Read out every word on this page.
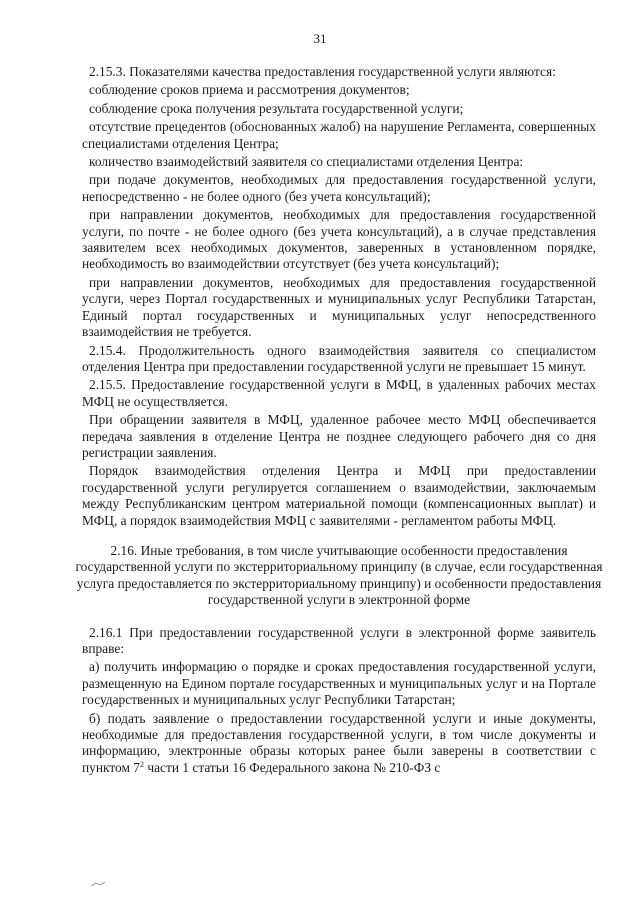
31

2.15.3. Показателями качества предоставления государственной услуги являются:

соблюдение сроков приема и рассмотрения документов;

соблюдение срока получения результата государственной услуги;

отсутствие прецедентов (обоснованных жалоб) на нарушение Регламента, совершенных специалистами отделения Центра;

количество взаимодействий заявителя со специалистами отделения Центра:

при подаче документов, необходимых для предоставления государственной услуги, непосредственно - не более одного (без учета консультаций);

при направлении документов, необходимых для предоставления государственной услуги, по почте - не более одного (без учета консультаций), а в случае представления заявителем всех необходимых документов, заверенных в установленном порядке, необходимость во взаимодействии отсутствует (без учета консультаций);

при направлении документов, необходимых для предоставления государственной услуги, через Портал государственных и муниципальных услуг Республики Татарстан, Единый портал государственных и муниципальных услуг непосредственного взаимодействия не требуется.

2.15.4. Продолжительность одного взаимодействия заявителя со специалистом отделения Центра при предоставлении государственной услуги не превышает 15 минут.

2.15.5. Предоставление государственной услуги в МФЦ, в удаленных рабочих местах МФЦ не осуществляется.

При обращении заявителя в МФЦ, удаленное рабочее место МФЦ обеспечивается передача заявления в отделение Центра не позднее следующего рабочего дня со дня регистрации заявления.

Порядок взаимодействия отделения Центра и МФЦ при предоставлении государственной услуги регулируется соглашением о взаимодействии, заключаемым между Республиканским центром материальной помощи (компенсационных выплат) и МФЦ, а порядок взаимодействия МФЦ с заявителями - регламентом работы МФЦ.

2.16. Иные требования, в том числе учитывающие особенности предоставления государственной услуги по экстерриториальному принципу (в случае, если государственная услуга предоставляется по экстерриториальному принципу) и особенности предоставления государственной услуги в электронной форме

2.16.1 При предоставлении государственной услуги в электронной форме заявитель вправе:

а) получить информацию о порядке и сроках предоставления государственной услуги, размещенную на Едином портале государственных и муниципальных услуг и на Портале государственных и муниципальных услуг Республики Татарстан;

б) подать заявление о предоставлении государственной услуги и иные документы, необходимые для предоставления государственной услуги, в том числе документы и информацию, электронные образы которых ранее были заверены в соответствии с пунктом $7^2$ части 1 статьи 16 Федерального закона № 210-ФЗ с
